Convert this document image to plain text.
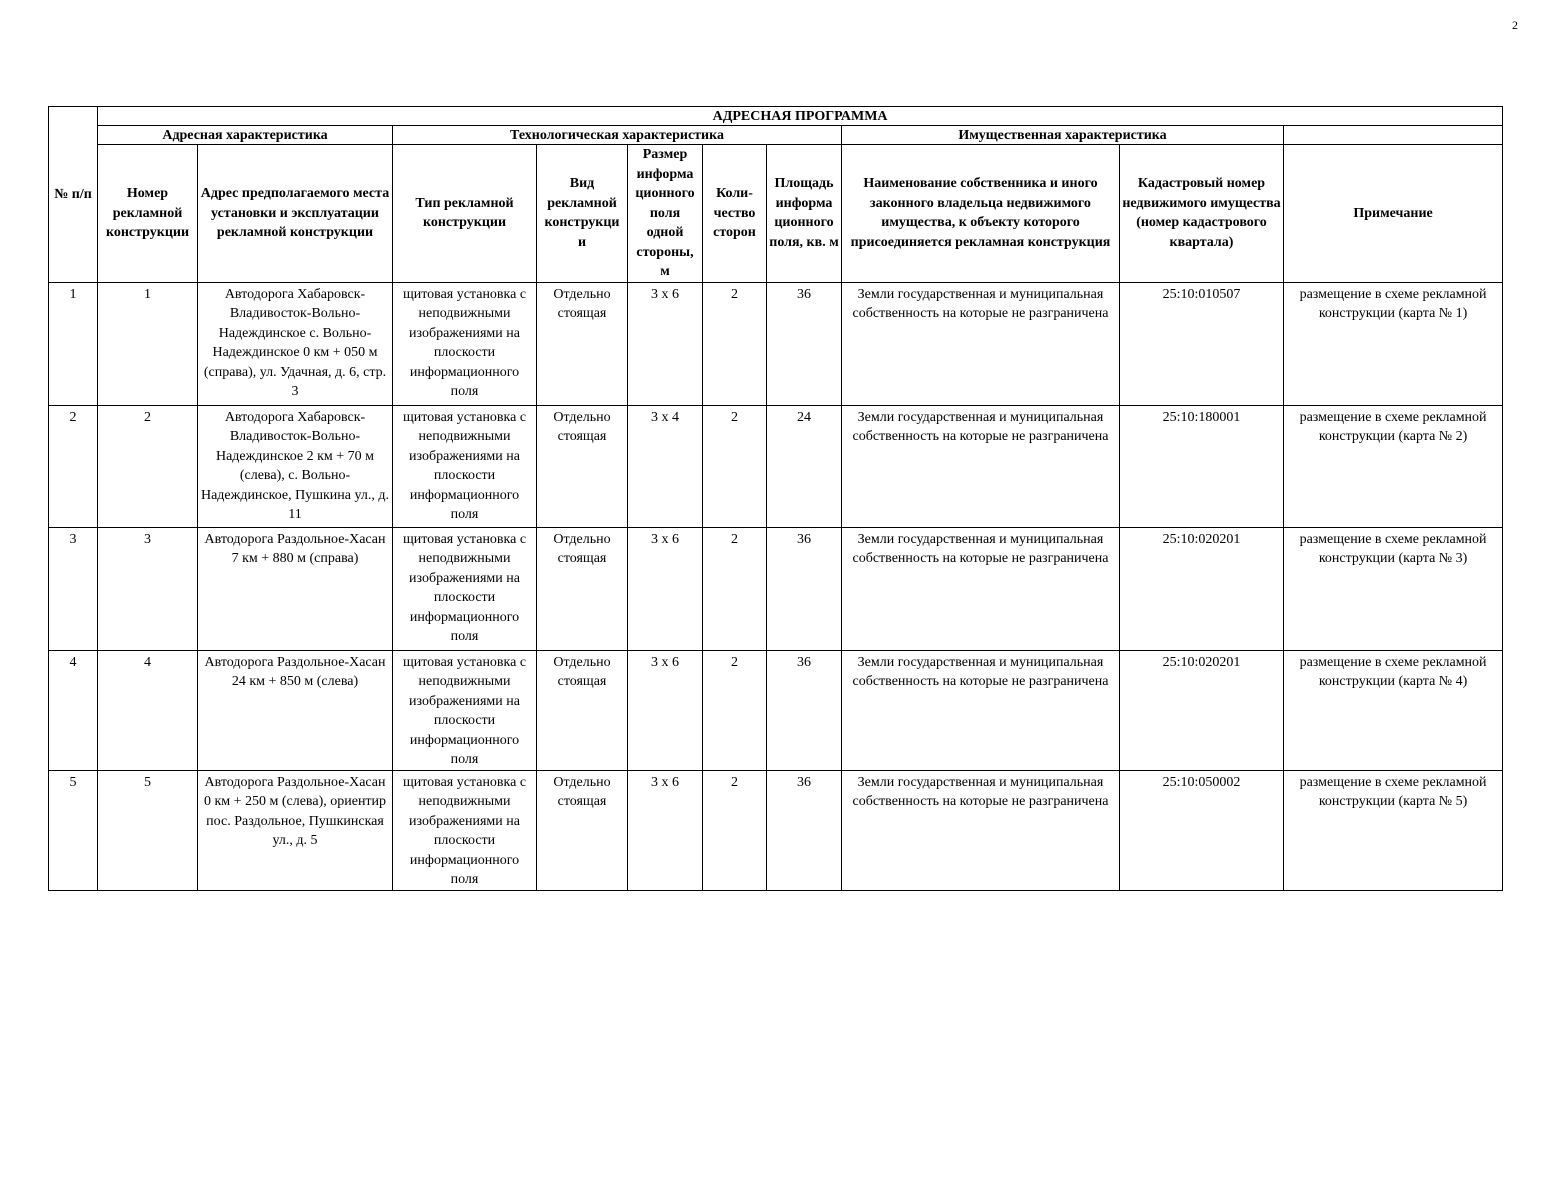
2
№ п/п	АДРЕСНАЯ ПРОГРАММА									
	Адресная характеристика		Технологическая характеристика					Имущественная характеристика		
	Номер рекламной конструкции	Адрес предполагаемого места установки и эксплуатации рекламной конструкции	Тип рекламной конструкции	Вид рекламной конструкци и	Размер информа ционного поля одной стороны, м	Коли- чество сторон	Площадь информа ционного поля, кв. м	Наименование собственника и иного законного владельца недвижимого имущества, к объекту которого присоединяется рекламная конструкция	Кадастровый номер недвижимого имущества (номер кадастрового квартала)	Примечание
1	1	Автодорога Хабаровск-Владивосток-Вольно-Надеждинское с. Вольно-Надеждинское 0 км + 050 м (справа), ул. Удачная, д. 6, стр. 3	щитовая установка с неподвижными изображениями на плоскости информационного поля	Отдельно стоящая	3 х 6	2	36	Земли государственная и муниципальная собственность на которые не разграничена	25:10:010507	размещение в схеме рекламной конструкции (карта № 1)
2	2	Автодорога Хабаровск-Владивосток-Вольно-Надеждинское 2 км + 70 м (слева), с. Вольно-Надеждинское, Пушкина ул., д. 11	щитовая установка с неподвижными изображениями на плоскости информационного поля	Отдельно стоящая	3 х 4	2	24	Земли государственная и муниципальная собственность на которые не разграничена	25:10:180001	размещение в схеме рекламной конструкции (карта № 2)
3	3	Автодорога Раздольное-Хасан 7 км + 880 м (справа)	щитовая установка с неподвижными изображениями на плоскости информационного поля	Отдельно стоящая	3 х 6	2	36	Земли государственная и муниципальная собственность на которые не разграничена	25:10:020201	размещение в схеме рекламной конструкции (карта № 3)
4	4	Автодорога Раздольное-Хасан 24 км + 850 м (слева)	щитовая установка с неподвижными изображениями на плоскости информационного поля	Отдельно стоящая	3 х 6	2	36	Земли государственная и муниципальная собственность на которые не разграничена	25:10:020201	размещение в схеме рекламной конструкции (карта № 4)
5	5	Автодорога Раздольное-Хасан 0 км + 250 м (слева), ориентир пос. Раздольное, Пушкинская ул., д. 5	щитовая установка с неподвижными изображениями на плоскости информационного поля	Отдельно стоящая	3 х 6	2	36	Земли государственная и муниципальная собственность на которые не разграничена	25:10:050002	размещение в схеме рекламной конструкции (карта № 5)
